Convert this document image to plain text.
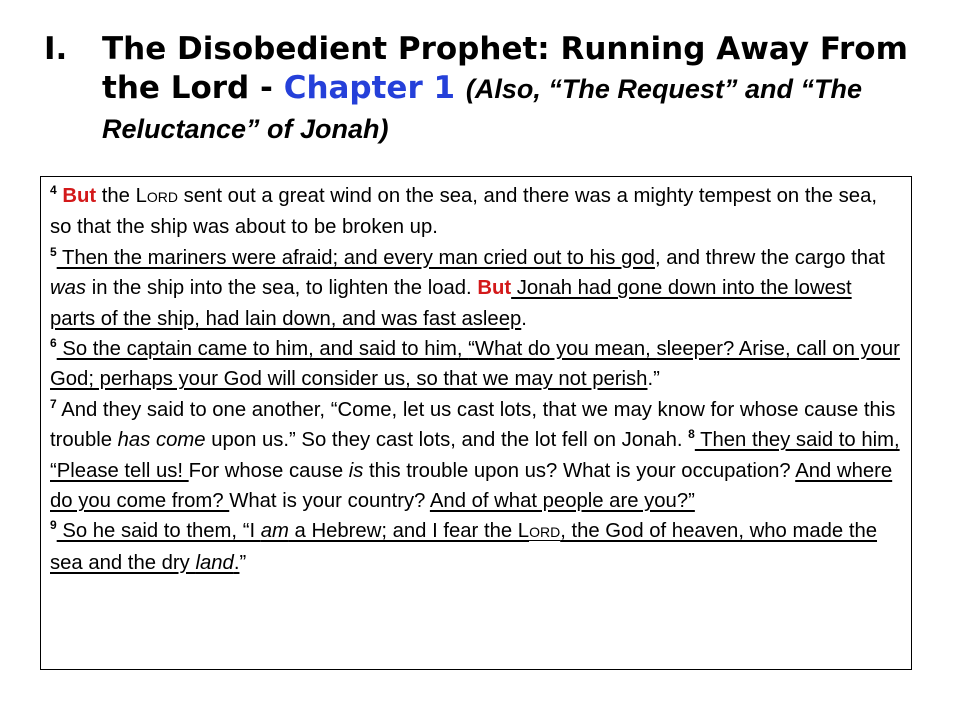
I.	The Disobedient Prophet: Running Away From the Lord - Chapter 1 (Also, “The Request” and “The Reluctance” of Jonah)

$^4$ But the LORD sent out a great wind on the sea, and there was a mighty tempest on the sea, so that the ship was about to be broken up.
$^5$ Then the mariners were afraid; and every man cried out to his god, and threw the cargo that was in the ship into the sea, to lighten the load. But Jonah had gone down into the lowest parts of the ship, had lain down, and was fast asleep.
$^6$ So the captain came to him, and said to him, “What do you mean, sleeper? Arise, call on your God; perhaps your God will consider us, so that we may not perish.”
$^7$ And they said to one another, “Come, let us cast lots, that we may know for whose cause this trouble has come upon us.” So they cast lots, and the lot fell on Jonah. $^8$ Then they said to him, “Please tell us! For whose cause is this trouble upon us? What is your occupation? And where do you come from? What is your country? And of what people are you?”
$^9$ So he said to them, “I am a Hebrew; and I fear the LORD, the God of heaven, who made the sea and the dry land.”
